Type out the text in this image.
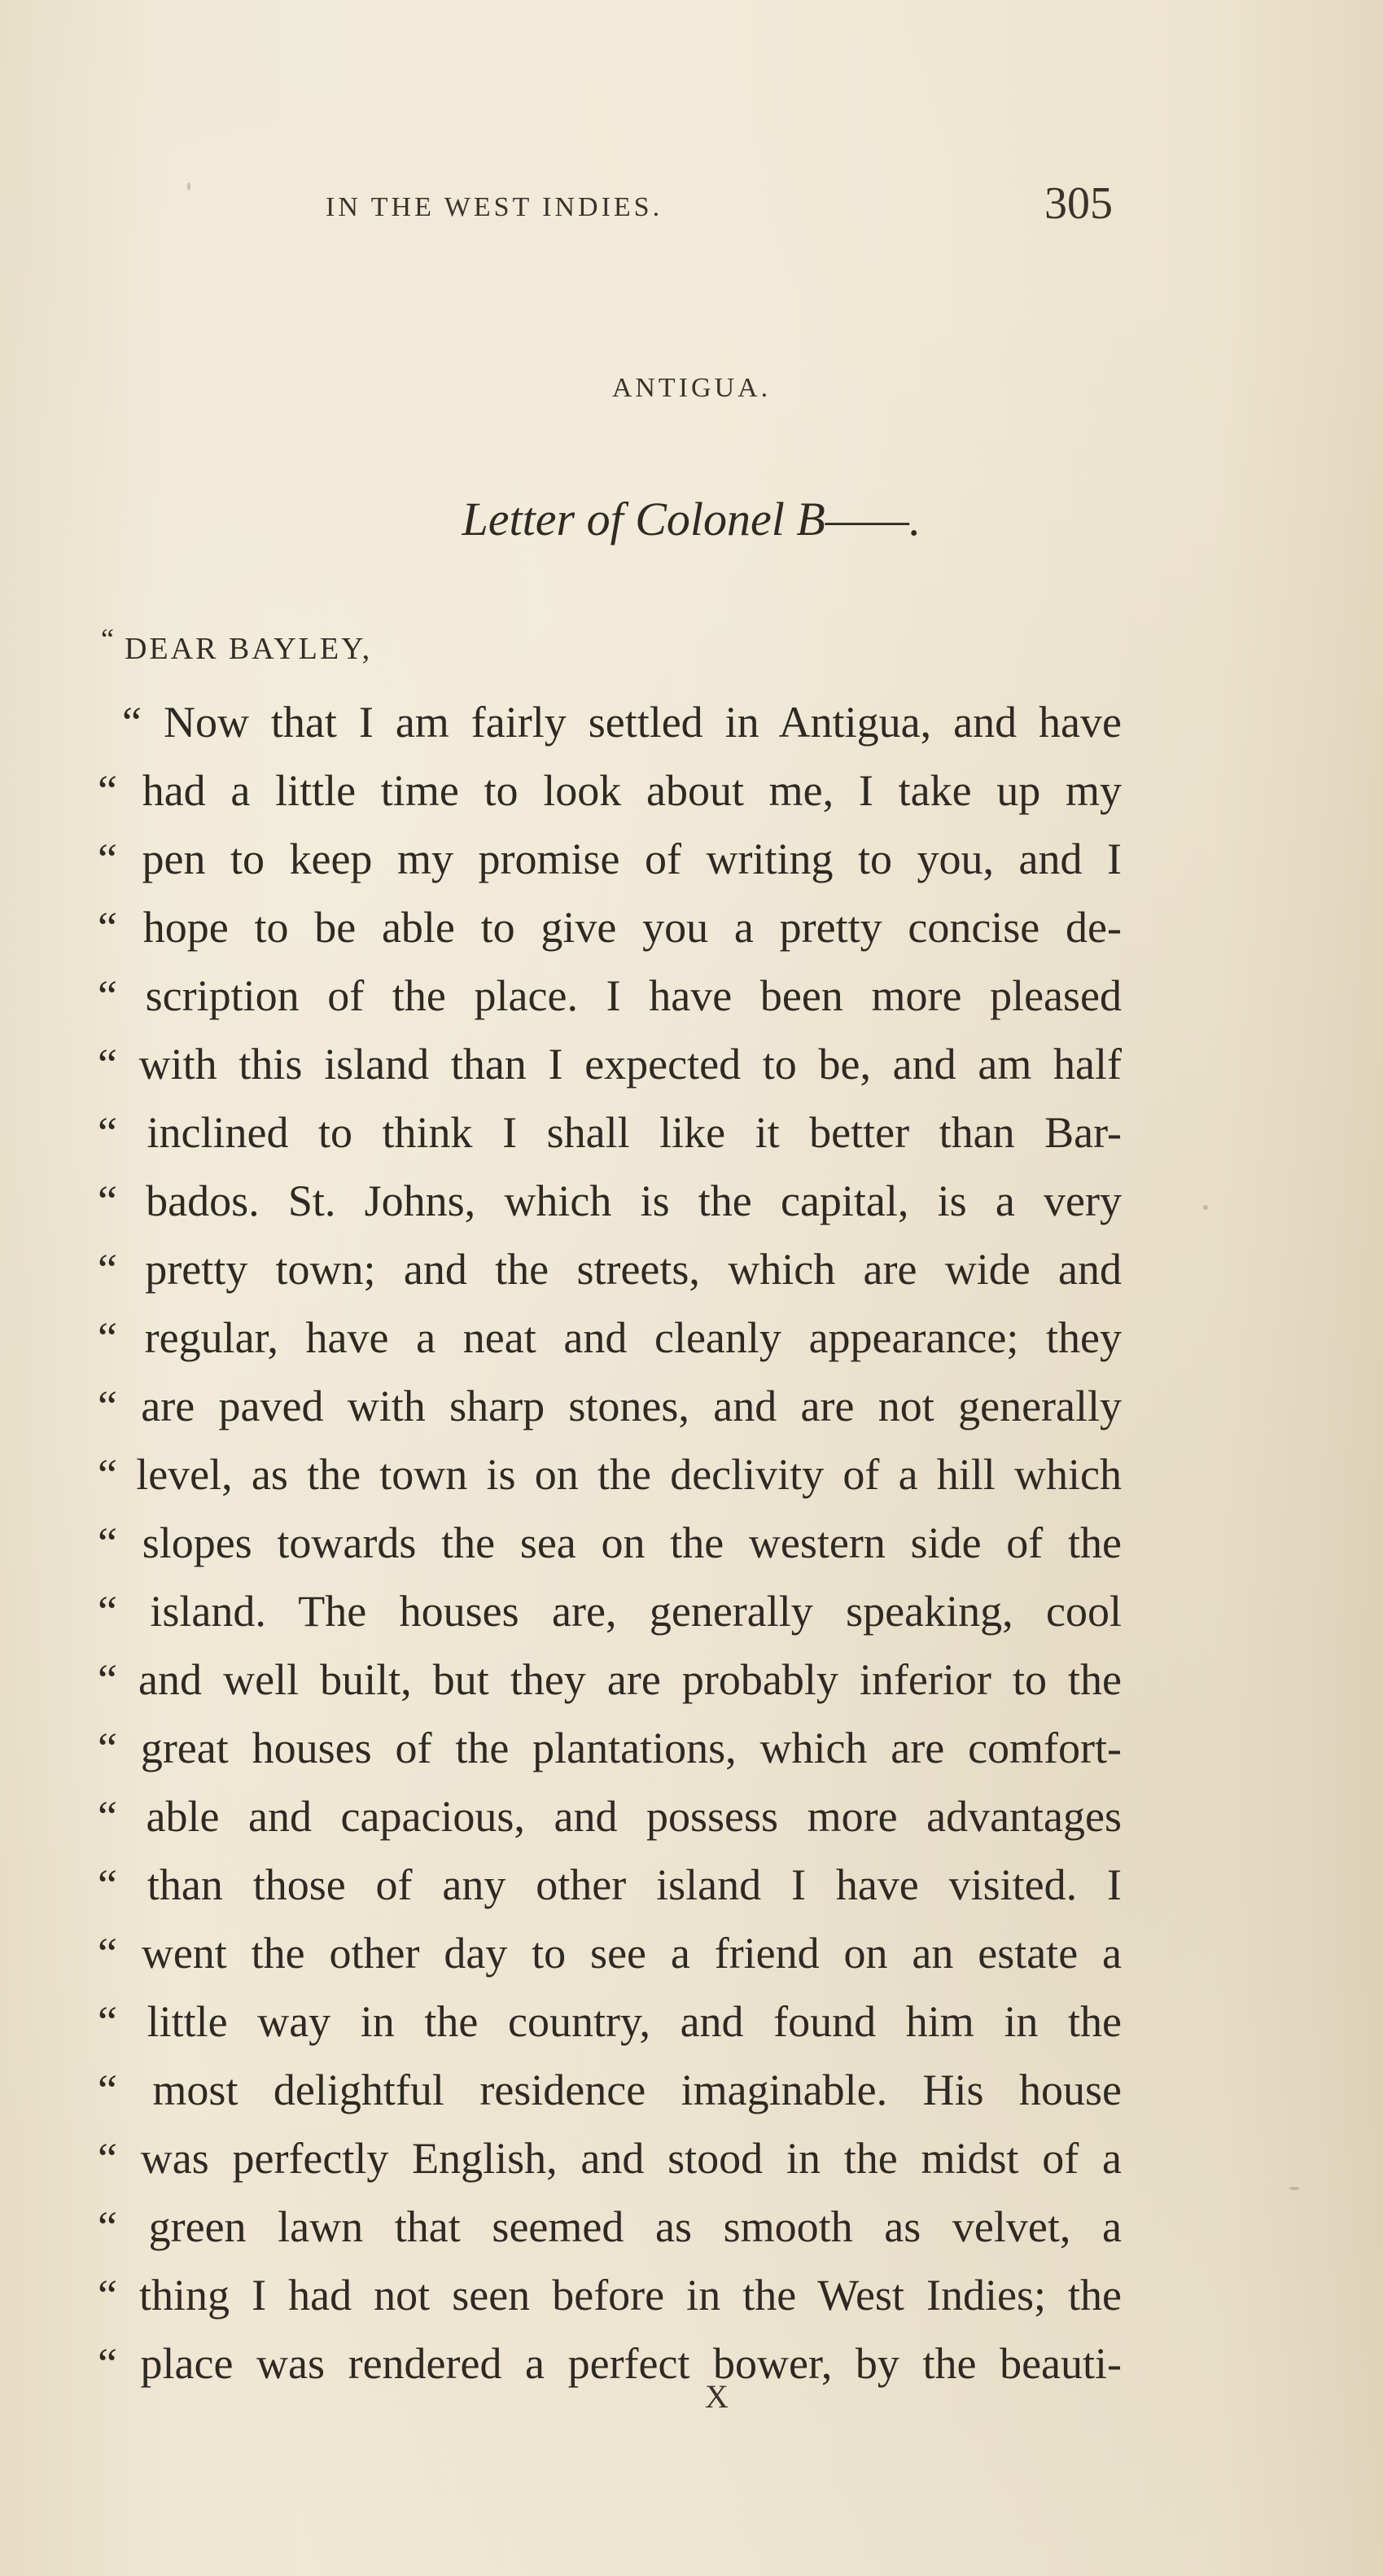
IN THE WEST INDIES.	305
ANTIGUA.
Letter of Colonel B——.
“ DEAR BAYLEY,
“ Now that I am fairly settled in Antigua, and have
“ had a little time to look about me, I take up my
“ pen to keep my promise of writing to you, and I
“ hope to be able to give you a pretty concise de-
“ scription of the place. I have been more pleased
“ with this island than I expected to be, and am half
“ inclined to think I shall like it better than Bar-
“ bados. St. Johns, which is the capital, is a very
“ pretty town; and the streets, which are wide and
“ regular, have a neat and cleanly appearance; they
“ are paved with sharp stones, and are not generally
“ level, as the town is on the declivity of a hill which
“ slopes towards the sea on the western side of the
“ island. The houses are, generally speaking, cool
“ and well built, but they are probably inferior to the
“ great houses of the plantations, which are comfort-
“ able and capacious, and possess more advantages
“ than those of any other island I have visited. I
“ went the other day to see a friend on an estate a
“ little way in the country, and found him in the
“ most delightful residence imaginable. His house
“ was perfectly English, and stood in the midst of a
“ green lawn that seemed as smooth as velvet, a
“ thing I had not seen before in the West Indies; the
“ place was rendered a perfect bower, by the beauti-
X
